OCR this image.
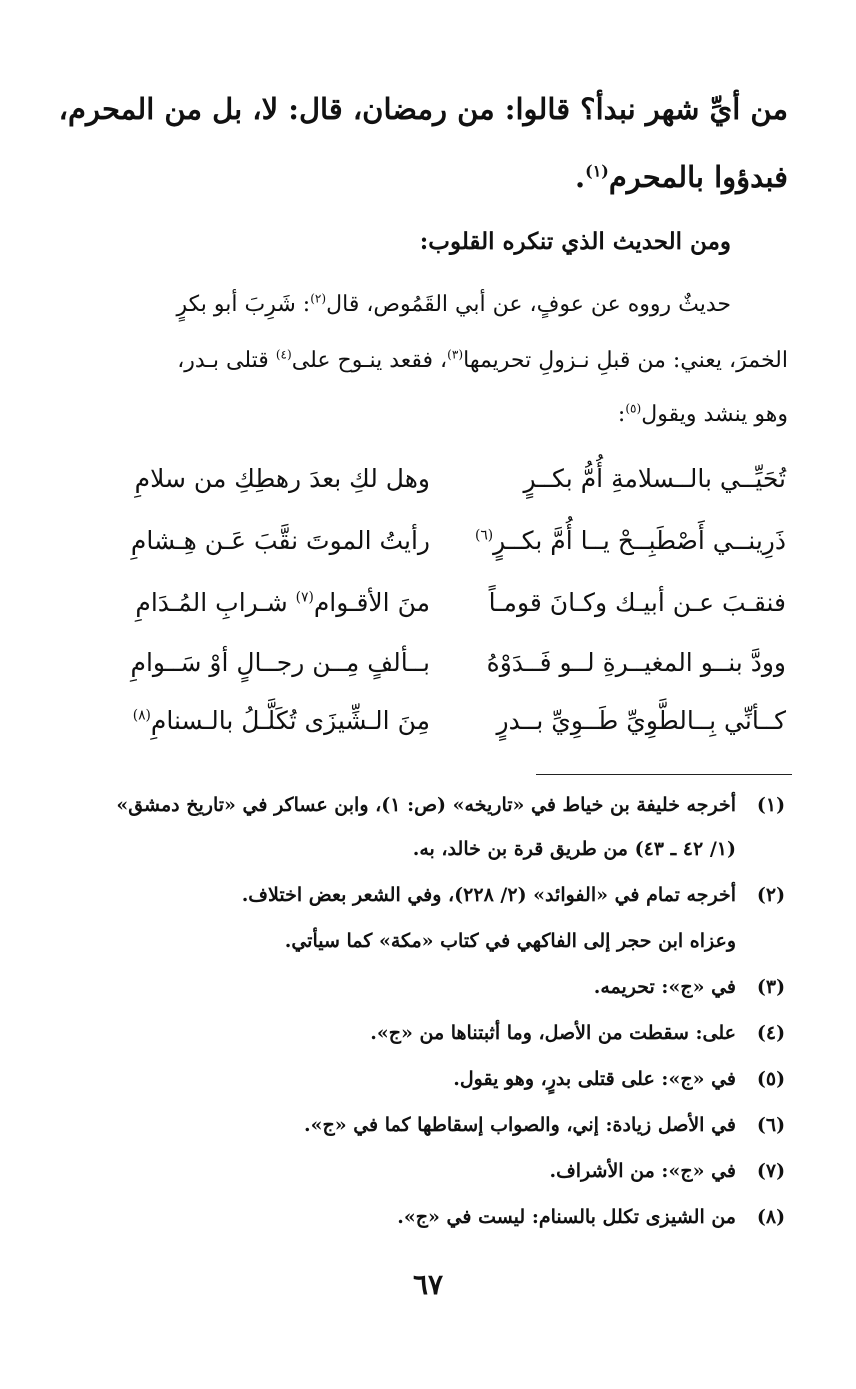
من أيِّ شهر نبدأ؟ قالوا: من رمضان، قال: لا، بل من المحرم،
فبدؤوا بالمحرم$^{(١)}$.
ومن الحديث الذي تنكره القلوب:
حديثٌ رووه عن عوفٍ، عن أبي القَمُوص، قال$^{(٢)}$: شَرِبَ أبو بكرٍ
الخمرَ، يعني: من قبلِ نـزولِ تحريمها$^{(٣)}$، فقعد ينـوح على$^{(٤)}$ قتلى بـدر،
وهو ينشد ويقول$^{(٥)}$:
تُحَيِّــي بالــسلامةِ أُمُّ بكــرٍ
وهل لكِ بعدَ رهطِكِ من سلامِ
ذَرِينــي أَصْطَبِــحْ يــا أُمَّ بكــرٍ$^{(٦)}$
رأيتُ الموتَ نقَّبَ عَـن هِـشامِ
فنقـبَ عـن أبيـك وكـانَ قومـاً
منَ الأقـوام$^{(٧)}$ شـرابِ المُـدَامِ
وودَّ بنــو المغيــرةِ لــو فَــدَوْهُ
بــألفٍ مِــن رجــالٍ أوْ سَــوامِ
كــأنِّي بِــالطَّوِيِّ طَــوِيِّ بــدرٍ
مِنَ الـشِّيزَى تُكَلَّـلُ بالـسنامِ$^{(٨)}$
(١)
أخرجه خليفة بن خياط في «تاريخه» (ص: ١)، وابن عساكر في «تاريخ دمشق»
(١/ ٤٢ ـ ٤٣) من طريق قرة بن خالد، به.
(٢)
أخرجه تمام في «الفوائد» (٢/ ٢٢٨)، وفي الشعر بعض اختلاف.
وعزاه ابن حجر إلى الفاكهي في كتاب «مكة» كما سيأتي.
(٣)
في «ج»: تحريمه.
(٤)
على: سقطت من الأصل، وما أثبتناها من «ج».
(٥)
في «ج»: على قتلى بدرٍ، وهو يقول.
(٦)
في الأصل زيادة: إني، والصواب إسقاطها كما في «ج».
(٧)
في «ج»: من الأشراف.
(٨)
من الشيزى تكلل بالسنام: ليست في «ج».
٦٧
